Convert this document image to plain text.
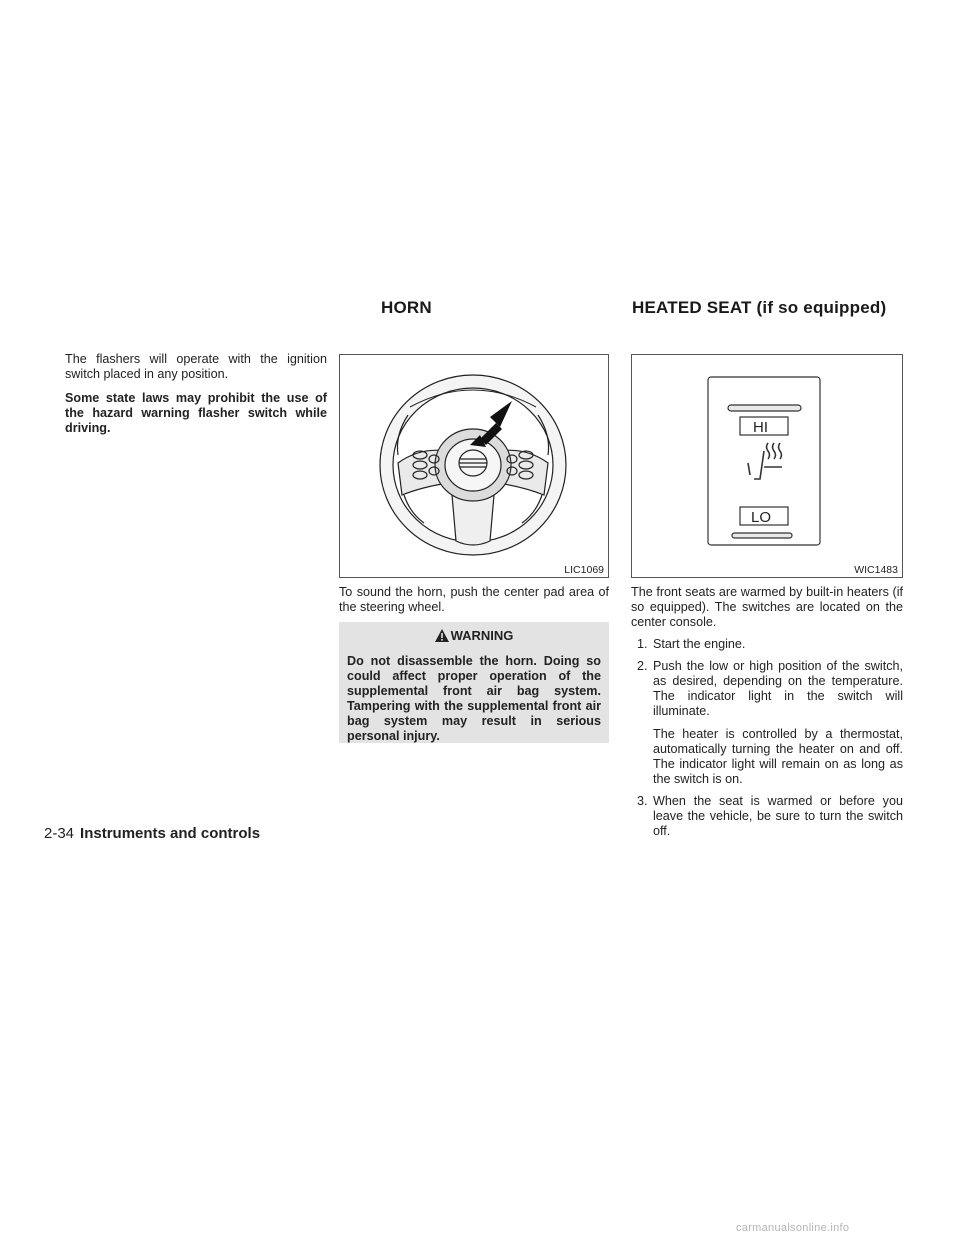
HORN	HEATED SEAT (if so equipped)

The flashers will operate with the ignition switch placed in any position.

Some state laws may prohibit the use of the hazard warning flasher switch while driving.

LIC1069

To sound the horn, push the center pad area of the steering wheel.

WARNING
Do not disassemble the horn. Doing so could affect proper operation of the supplemental front air bag system. Tampering with the supplemental front air bag system may result in serious personal injury.
HI
LO
WIC1483

The front seats are warmed by built-in heaters (if so equipped). The switches are located on the center console.

1. Start the engine.
2. Push the low or high position of the switch, as desired, depending on the temperature. The indicator light in the switch will illuminate.
The heater is controlled by a thermostat, automatically turning the heater on and off. The indicator light will remain on as long as the switch is on.
3. When the seat is warmed or before you leave the vehicle, be sure to turn the switch off.
2-34 Instruments and controls
carmanualsonline.info
